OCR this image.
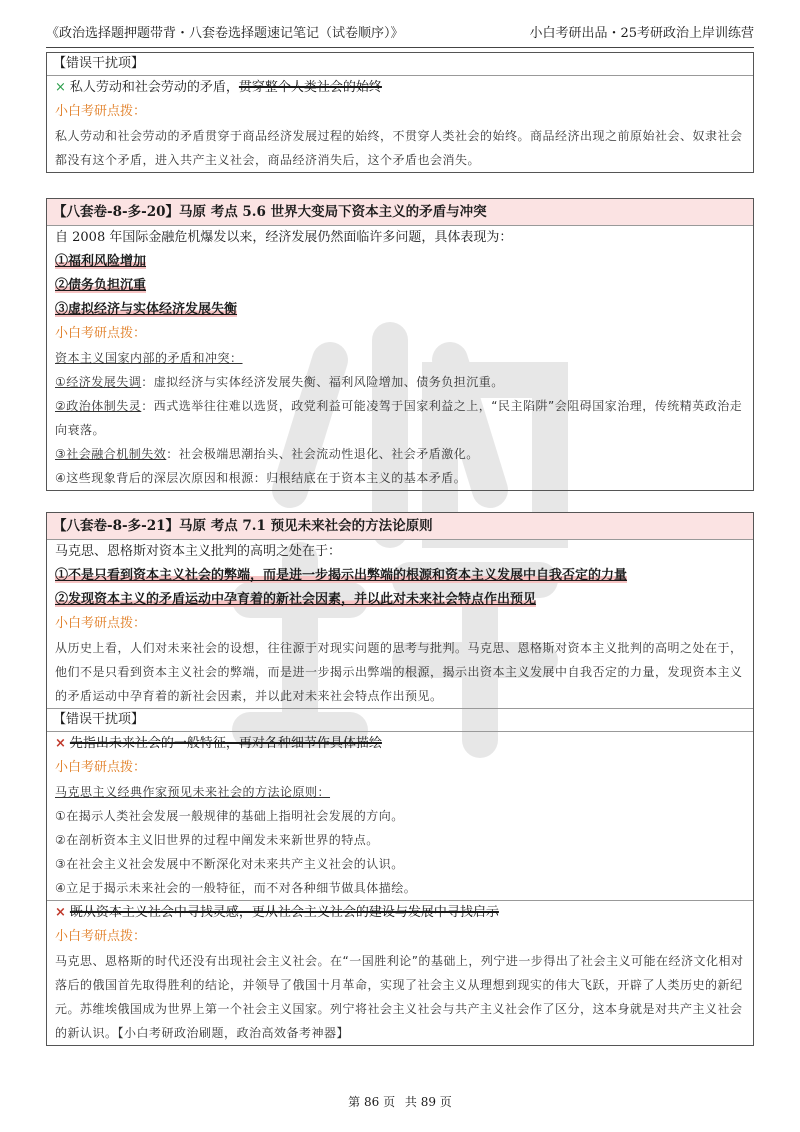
《政治选择题押题带背・八套卷选择题速记笔记（试卷顺序）》	小白考研出品・25考研政治上岸训练营
【错误干扰项】
× 私人劳动和社会劳动的矛盾，贯穿整个人类社会的始终
小白考研点拨：

私人劳动和社会劳动的矛盾贯穿于商品经济发展过程的始终，不贯穿人类社会的始终。商品经济出现之前原始社会、奴隶社会都没有这个矛盾，进入共产主义社会，商品经济消失后，这个矛盾也会消失。

【八套卷-8-多-20】马原 考点 5.6 世界大变局下资本主义的矛盾与冲突
自 2008 年国际金融危机爆发以来，经济发展仍然面临许多问题，具体表现为：
①福利风险增加
②债务负担沉重
③虚拟经济与实体经济发展失衡
小白考研点拨：
资本主义国家内部的矛盾和冲突：
①经济发展失调：虚拟经济与实体经济发展失衡、福利风险增加、债务负担沉重。
②政治体制失灵：西式选举往往难以选贤，政党利益可能凌驾于国家利益之上，“民主陷阱”会阻碍国家治理，传统精英政治走向衰落。
③社会融合机制失效：社会极端思潮抬头、社会流动性退化、社会矛盾激化。
④这些现象背后的深层次原因和根源：归根结底在于资本主义的基本矛盾。
【八套卷-8-多-21】马原 考点 7.1 预见未来社会的方法论原则
马克思、恩格斯对资本主义批判的高明之处在于：
①不是只看到资本主义社会的弊端，而是进一步揭示出弊端的根源和资本主义发展中自我否定的力量
②发现资本主义的矛盾运动中孕育着的新社会因素，并以此对未来社会特点作出预见
小白考研点拨：

从历史上看，人们对未来社会的设想，往往源于对现实问题的思考与批判。马克思、恩格斯对资本主义批判的高明之处在于，他们不是只看到资本主义社会的弊端，而是进一步揭示出弊端的根源，揭示出资本主义发展中自我否定的力量，发现资本主义的矛盾运动中孕育着的新社会因素，并以此对未来社会特点作出预见。

【错误干扰项】
× 先指出未来社会的一般特征，再对各种细节作具体描绘
小白考研点拨：
马克思主义经典作家预见未来社会的方法论原则：
①在揭示人类社会发展一般规律的基础上指明社会发展的方向。
②在剖析资本主义旧世界的过程中阐发未来新世界的特点。
③在社会主义社会发展中不断深化对未来共产主义社会的认识。
④立足于揭示未来社会的一般特征，而不对各种细节做具体描绘。
× 既从资本主义社会中寻找灵感，更从社会主义社会的建设与发展中寻找启示
小白考研点拨：

马克思、恩格斯的时代还没有出现社会主义社会。在“一国胜利论”的基础上，列宁进一步得出了社会主义可能在经济文化相对落后的俄国首先取得胜利的结论，并领导了俄国十月革命，实现了社会主义从理想到现实的伟大飞跃，开辟了人类历史的新纪元。苏维埃俄国成为世界上第一个社会主义国家。列宁将社会主义社会与共产主义社会作了区分，这本身就是对共产主义社会的新认识。【小白考研政治刷题，政治高效备考神器】

第 86 页 共 89 页
